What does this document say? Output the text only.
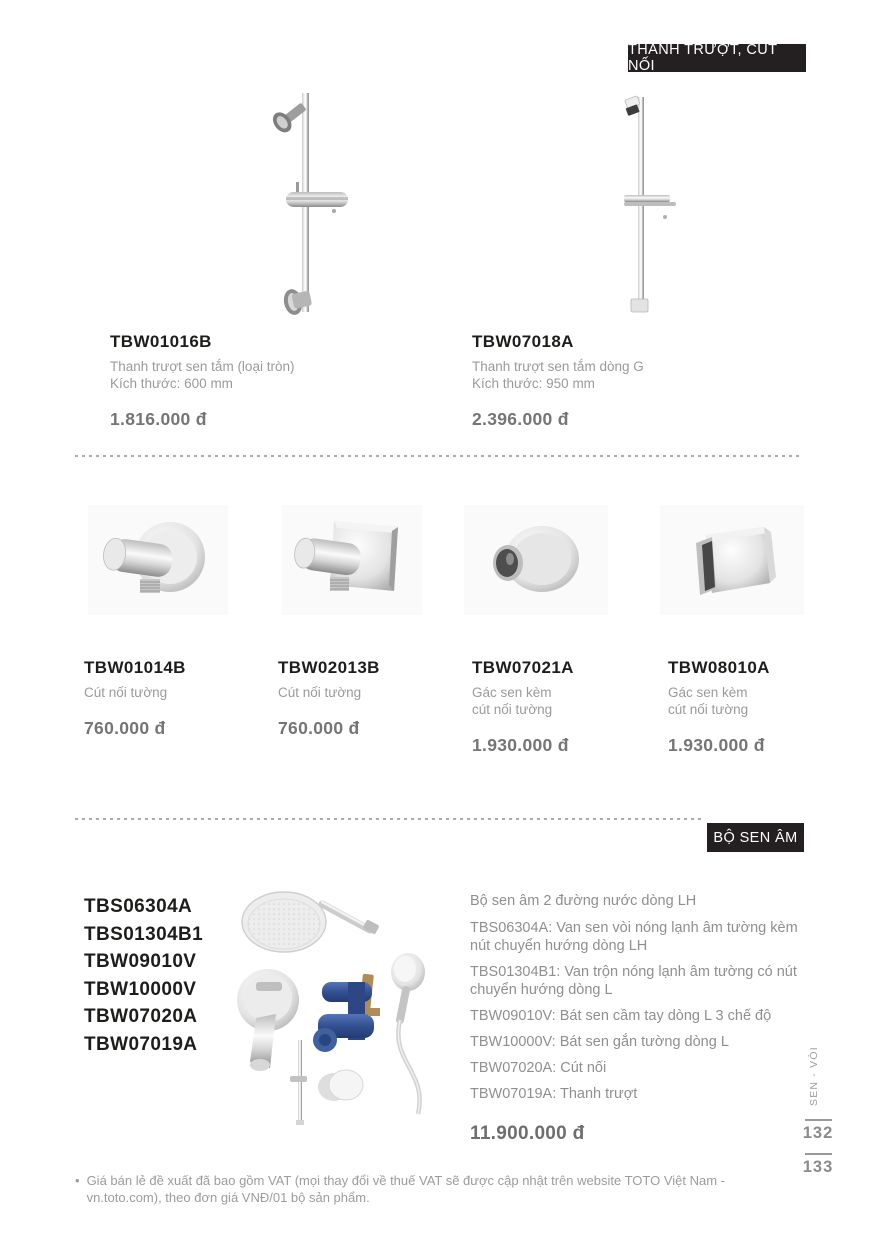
THANH TRƯỢT, CÚT NỐI
TBW01016B
Thanh trượt sen tắm (loại tròn)
Kích thước: 600 mm
1.816.000 đ
TBW07018A
Thanh trượt sen tắm dòng G
Kích thước: 950 mm
2.396.000 đ
TBW01014B
Cút nối tường
760.000 đ
TBW02013B
Cút nối tường
760.000 đ
TBW07021A
Gác sen kèm
cút nối tường
1.930.000 đ
TBW08010A
Gác sen kèm
cút nối tường
1.930.000 đ
BỘ SEN ÂM
TBS06304A
TBS01304B1
TBW09010V
TBW10000V
TBW07020A
TBW07019A
Bộ sen âm 2 đường nước dòng LH
TBS06304A: Van sen vòi nóng lạnh âm tường kèm nút chuyển hướng dòng LH
TBS01304B1: Van trộn nóng lạnh âm tường có nút chuyển hướng dòng L
TBW09010V: Bát sen cầm tay dòng L 3 chế độ
TBW10000V: Bát sen gắn tường dòng L
TBW07020A: Cút nối
TBW07019A: Thanh trượt
11.900.000 đ
SEN - VÒI
132
133
• Giá bán lẻ đề xuất đã bao gồm VAT (mọi thay đổi về thuế VAT sẽ được cập nhật trên website TOTO Việt Nam - vn.toto.com), theo đơn giá VNĐ/01 bộ sản phẩm.
